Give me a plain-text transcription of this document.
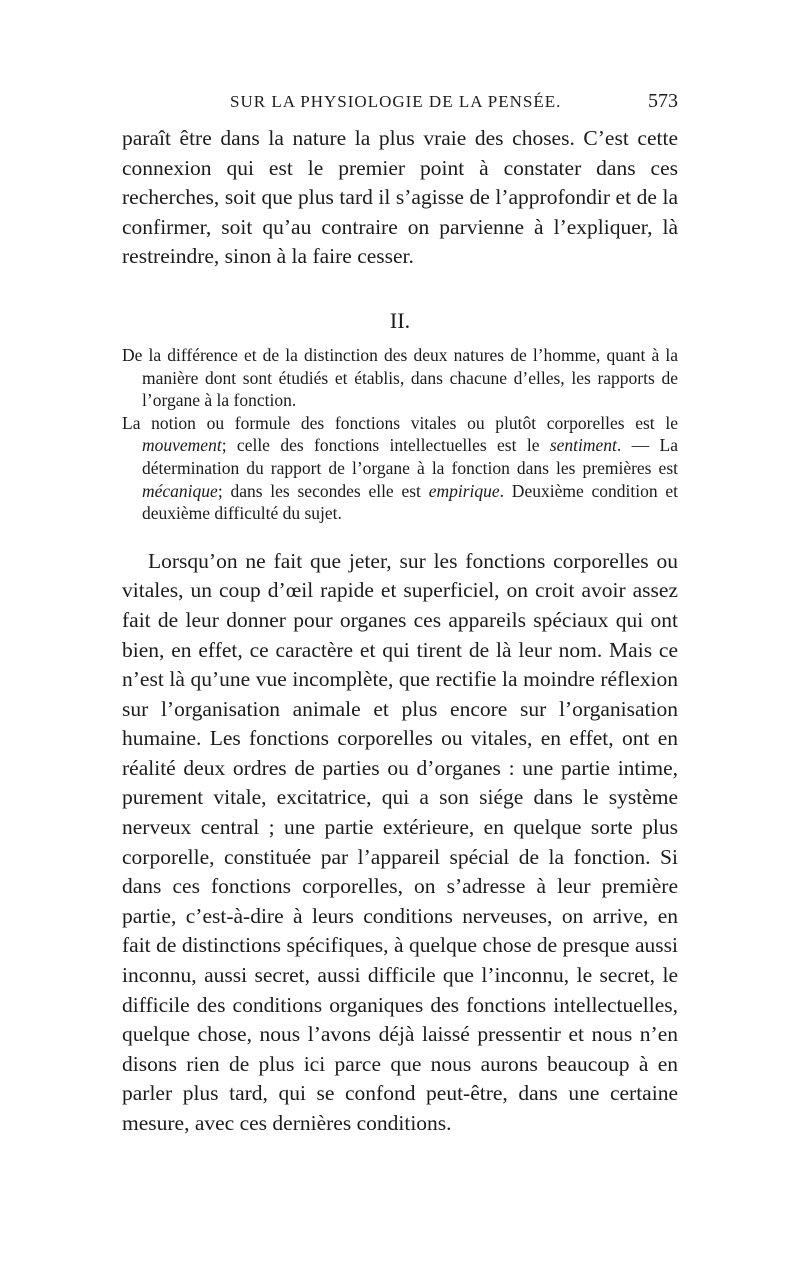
SUR LA PHYSIOLOGIE DE LA PENSÉE.	573

paraît être dans la nature la plus vraie des choses. C’est cette connexion qui est le premier point à constater dans ces recherches, soit que plus tard il s’agisse de l’approfondir et de la confirmer, soit qu’au contraire on parvienne à l’expliquer, là restreindre, sinon à la faire cesser.

II.

De la différence et de la distinction des deux natures de l’homme, quant à la manière dont sont étudiés et établis, dans chacune d’elles, les rapports de l’organe à la fonction.

La notion ou formule des fonctions vitales ou plutôt corporelles est le mouvement; celle des fonctions intellectuelles est le sentiment. — La détermination du rapport de l’organe à la fonction dans les premières est mécanique; dans les secondes elle est empirique. Deuxième condition et deuxième difficulté du sujet.

Lorsqu’on ne fait que jeter, sur les fonctions corporelles ou vitales, un coup d’œil rapide et superficiel, on croit avoir assez fait de leur donner pour organes ces appareils spéciaux qui ont bien, en effet, ce caractère et qui tirent de là leur nom. Mais ce n’est là qu’une vue incomplète, que rectifie la moindre réflexion sur l’organisation animale et plus encore sur l’organisation humaine. Les fonctions corporelles ou vitales, en effet, ont en réalité deux ordres de parties ou d’organes : une partie intime, purement vitale, excitatrice, qui a son siége dans le système nerveux central ; une partie extérieure, en quelque sorte plus corporelle, constituée par l’appareil spécial de la fonction. Si dans ces fonctions corporelles, on s’adresse à leur première partie, c’est-à-dire à leurs conditions nerveuses, on arrive, en fait de distinctions spécifiques, à quelque chose de presque aussi inconnu, aussi secret, aussi difficile que l’inconnu, le secret, le difficile des conditions organiques des fonctions intellectuelles, quelque chose, nous l’avons déjà laissé pressentir et nous n’en disons rien de plus ici parce que nous aurons beaucoup à en parler plus tard, qui se confond peut-être, dans une certaine mesure, avec ces dernières conditions.
